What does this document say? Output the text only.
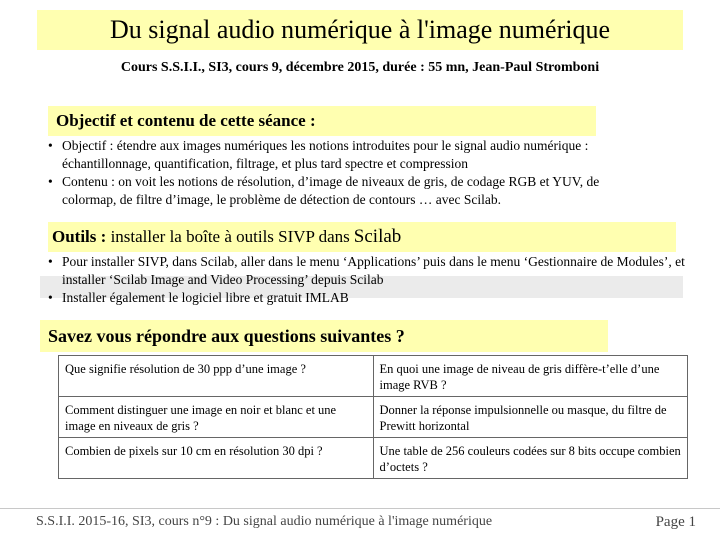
Du signal audio numérique à l'image numérique
Cours S.S.I.I., SI3, cours 9, décembre 2015, durée : 55 mn, Jean-Paul Stromboni
Objectif et contenu de cette séance :
• Objectif : étendre aux images numériques les notions introduites pour le signal audio numérique : échantillonnage, quantification, filtrage, et plus tard spectre et compression
• Contenu : on voit les notions de résolution, d’image de niveaux de gris, de codage RGB et YUV, de colormap, de filtre d’image, le problème de détection de contours … avec Scilab.
Outils :
installer la boîte à outils SIVP dans Scilab
• Pour installer SIVP, dans Scilab, aller dans le menu ‘Applications’ puis dans le menu ‘Gestionnaire de Modules’, et installer ‘Scilab Image and Video Processing’ depuis Scilab
• Installer également le logiciel libre et gratuit IMLAB
Savez vous répondre aux questions suivantes ?
Que signifie résolution de 30 ppp d’une image ?	En quoi une image de niveau de gris diffère-t’elle d’une image RVB ?
Comment distinguer une image en noir et blanc et une image en niveaux de gris ?	Donner la réponse impulsionnelle ou masque, du filtre de Prewitt horizontal
Combien de pixels sur 10 cm en résolution 30 dpi ?	Une table de 256 couleurs codées sur 8 bits occupe combien d’octets ?
S.S.I.I. 2015-16, SI3, cours n°9 : Du signal audio numérique à l'image numérique	Page 1
